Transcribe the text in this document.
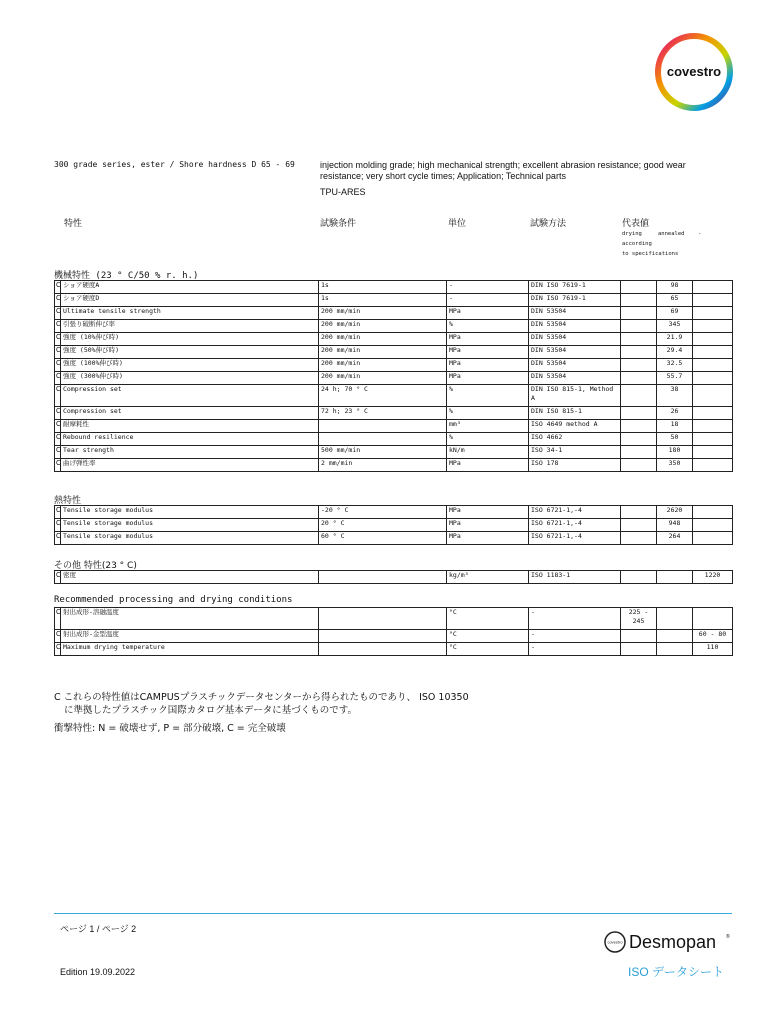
covestro
300 grade series, ester / Shore hardness D 65 - 69	injection molding grade; high mechanical strength; excellent abrasion resistance; good wear resistance; very short cycle times; Application; Technical parts
TPU-ARES
特性	試験条件	単位	試験方法	代表値
drying	annealed -
according
to specifications
機械特性 (23 ° C/50 % r. h.)
C	ショア硬度A	1s	-	DIN ISO 7619-1		98	
C	ショア硬度D	1s	-	DIN ISO 7619-1		65	
C	Ultimate tensile strength	200 mm/min	MPa	DIN 53504		69	
C	引張り破断伸び率	200 mm/min	%	DIN 53504		345	
C	強度 (10%伸び時)	200 mm/min	MPa	DIN 53504		21.9	
C	強度 (50%伸び時)	200 mm/min	MPa	DIN 53504		29.4	
C	強度 (100%伸び時)	200 mm/min	MPa	DIN 53504		32.5	
C	強度 (300%伸び時)	200 mm/min	MPa	DIN 53504		55.7	
C	Compression set	24 h; 70 ° C	%	DIN ISO 815-1, Method A		38	
C	Compression set	72 h; 23 ° C	%	DIN ISO 815-1		26	
C	耐摩耗性		mm³	ISO 4649 method A		18	
C	Rebound resilience		%	ISO 4662		50	
C	Tear strength	500 mm/min	kN/m	ISO 34-1		180	
C	曲げ弾性率	2 mm/min	MPa	ISO 178		350	
熱特性
C	Tensile storage modulus	-20 ° C	MPa	ISO 6721-1,-4		2620	
C	Tensile storage modulus	20 ° C	MPa	ISO 6721-1,-4		948	
C	Tensile storage modulus	60 ° C	MPa	ISO 6721-1,-4		264	
その他 特性(23 ° C)
C	密度		kg/m³	ISO 1183-1			1220
Recommended processing and drying conditions
C	射出成形-溶融温度		°C	-	225 - 245		
C	射出成形-金型温度		°C	-			60 - 80
C	Maximum drying temperature		°C	-			110
C これらの特性値はCAMPUSプラスチックデータセンターから得られたものであり、 ISO 10350
に準拠したプラスチック国際カタログ基本データに基づくものです。
衝撃特性: N = 破壊せず, P = 部分破壊, C = 完全破壊
ページ 1 / ページ 2
Edition 19.09.2022
covestro Desmopan ®
ISO データシート
